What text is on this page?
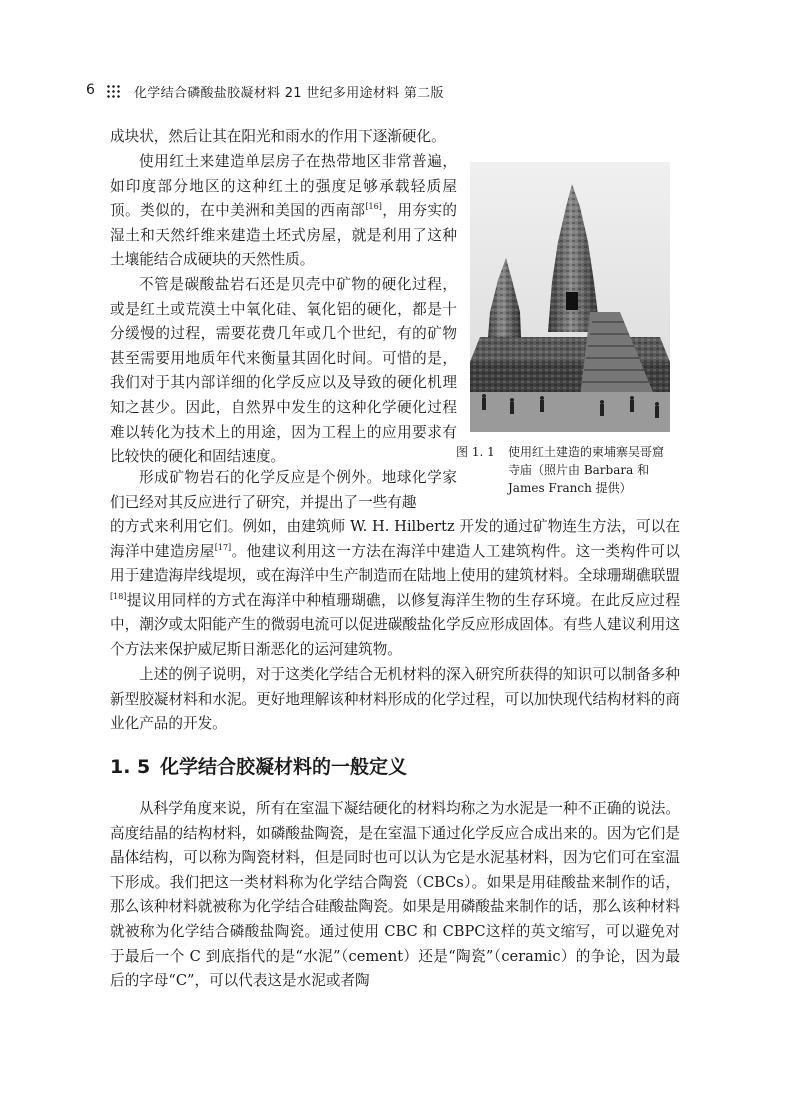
6	化学结合磷酸盐胶凝材料 21 世纪多用途材料 第二版

成块状，然后让其在阳光和雨水的作用下逐渐硬化。

使用红土来建造单层房子在热带地区非常普遍，如印度部分地区的这种红土的强度足够承载轻质屋顶。类似的，在中美洲和美国的西南部[16]，用夯实的湿土和天然纤维来建造土坯式房屋，就是利用了这种土壤能结合成硬块的天然性质。

不管是碳酸盐岩石还是贝壳中矿物的硬化过程，或是红土或荒漠土中氧化硅、氧化铝的硬化，都是十分缓慢的过程，需要花费几年或几个世纪，有的矿物甚至需要用地质年代来衡量其固化时间。可惜的是，我们对于其内部详细的化学反应以及导致的硬化机理知之甚少。因此，自然界中发生的这种化学硬化过程难以转化为技术上的用途，因为工程上的应用要求有比较快的硬化和固结速度。

形成矿物岩石的化学反应是个例外。地球化学家们已经对其反应进行了研究，并提出了一些有趣

的方式来利用它们。例如，由建筑师 W. H. Hilbertz 开发的通过矿物连生方法，可以在海洋中建造房屋[17]。他建议利用这一方法在海洋中建造人工建筑构件。这一类构件可以用于建造海岸线堤坝，或在海洋中生产制造而在陆地上使用的建筑材料。全球珊瑚礁联盟[18]提议用同样的方式在海洋中种植珊瑚礁，以修复海洋生物的生存环境。在此反应过程中，潮汐或太阳能产生的微弱电流可以促进碳酸盐化学反应形成固体。有些人建议利用这个方法来保护威尼斯日渐恶化的运河建筑物。

上述的例子说明，对于这类化学结合无机材料的深入研究所获得的知识可以制备多种新型胶凝材料和水泥。更好地理解该种材料形成的化学过程，可以加快现代结构材料的商业化产品的开发。

图 1. 1 使用红土建造的柬埔寨吴哥窟寺庙（照片由 Barbara 和 James Franch 提供）
1. 5 化学结合胶凝材料的一般定义

从科学角度来说，所有在室温下凝结硬化的材料均称之为水泥是一种不正确的说法。高度结晶的结构材料，如磷酸盐陶瓷，是在室温下通过化学反应合成出来的。因为它们是晶体结构，可以称为陶瓷材料，但是同时也可以认为它是水泥基材料，因为它们可在室温下形成。我们把这一类材料称为化学结合陶瓷（CBCs）。如果是用硅酸盐来制作的话，那么该种材料就被称为化学结合硅酸盐陶瓷。如果是用磷酸盐来制作的话，那么该种材料就被称为化学结合磷酸盐陶瓷。通过使用 CBC 和 CBPC这样的英文缩写，可以避免对于最后一个 C 到底指代的是“水泥”（cement）还是“陶瓷”（ceramic）的争论，因为最后的字母“C”，可以代表这是水泥或者陶
